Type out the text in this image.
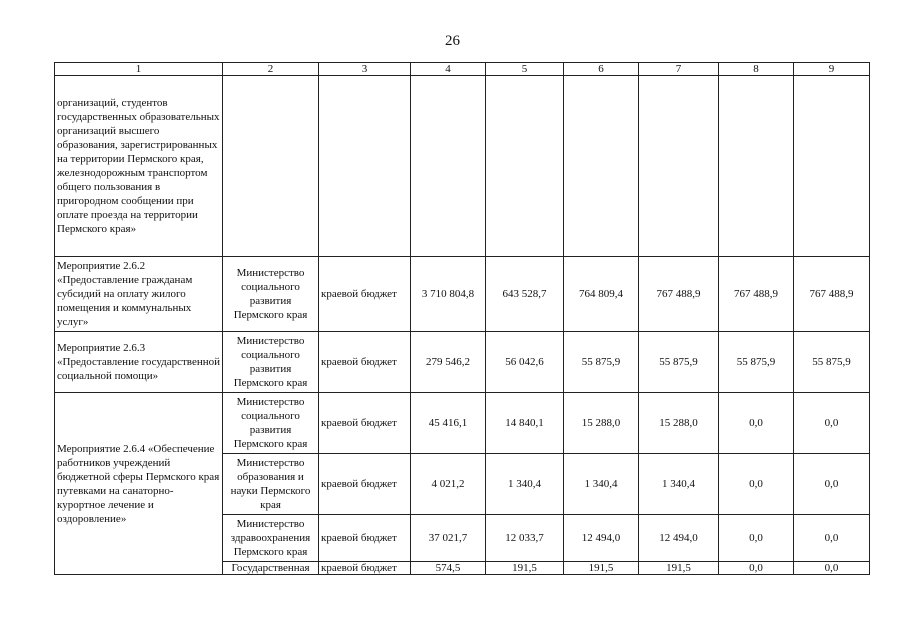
26
1	2	3	4	5	6	7	8	9
организаций, студентов государственных образовательных организаций высшего образования, зарегистрированных на территории Пермского края, железнодорожным транспортом общего пользования в пригородном сообщении при оплате проезда на территории Пермского края»								
Мероприятие 2.6.2 «Предоставление гражданам субсидий на оплату жилого помещения и коммунальных услуг»	Министерство социального развития Пермского края	краевой бюджет	3 710 804,8	643 528,7	764 809,4	767 488,9	767 488,9	767 488,9
Мероприятие 2.6.3 «Предоставление государственной социальной помощи»	Министерство социального развития Пермского края	краевой бюджет	279 546,2	56 042,6	55 875,9	55 875,9	55 875,9	55 875,9
Мероприятие 2.6.4 «Обеспечение работников учреждений бюджетной сферы Пермского края путевками на санаторно-курортное лечение и оздоровление»	Министерство социального развития Пермского края	краевой бюджет	45 416,1	14 840,1	15 288,0	15 288,0	0,0	0,0
	Министерство образования и науки Пермского края	краевой бюджет	4 021,2	1 340,4	1 340,4	1 340,4	0,0	0,0
	Министерство здравоохранения Пермского края	краевой бюджет	37 021,7	12 033,7	12 494,0	12 494,0	0,0	0,0
	Государственная	краевой бюджет	574,5	191,5	191,5	191,5	0,0	0,0
